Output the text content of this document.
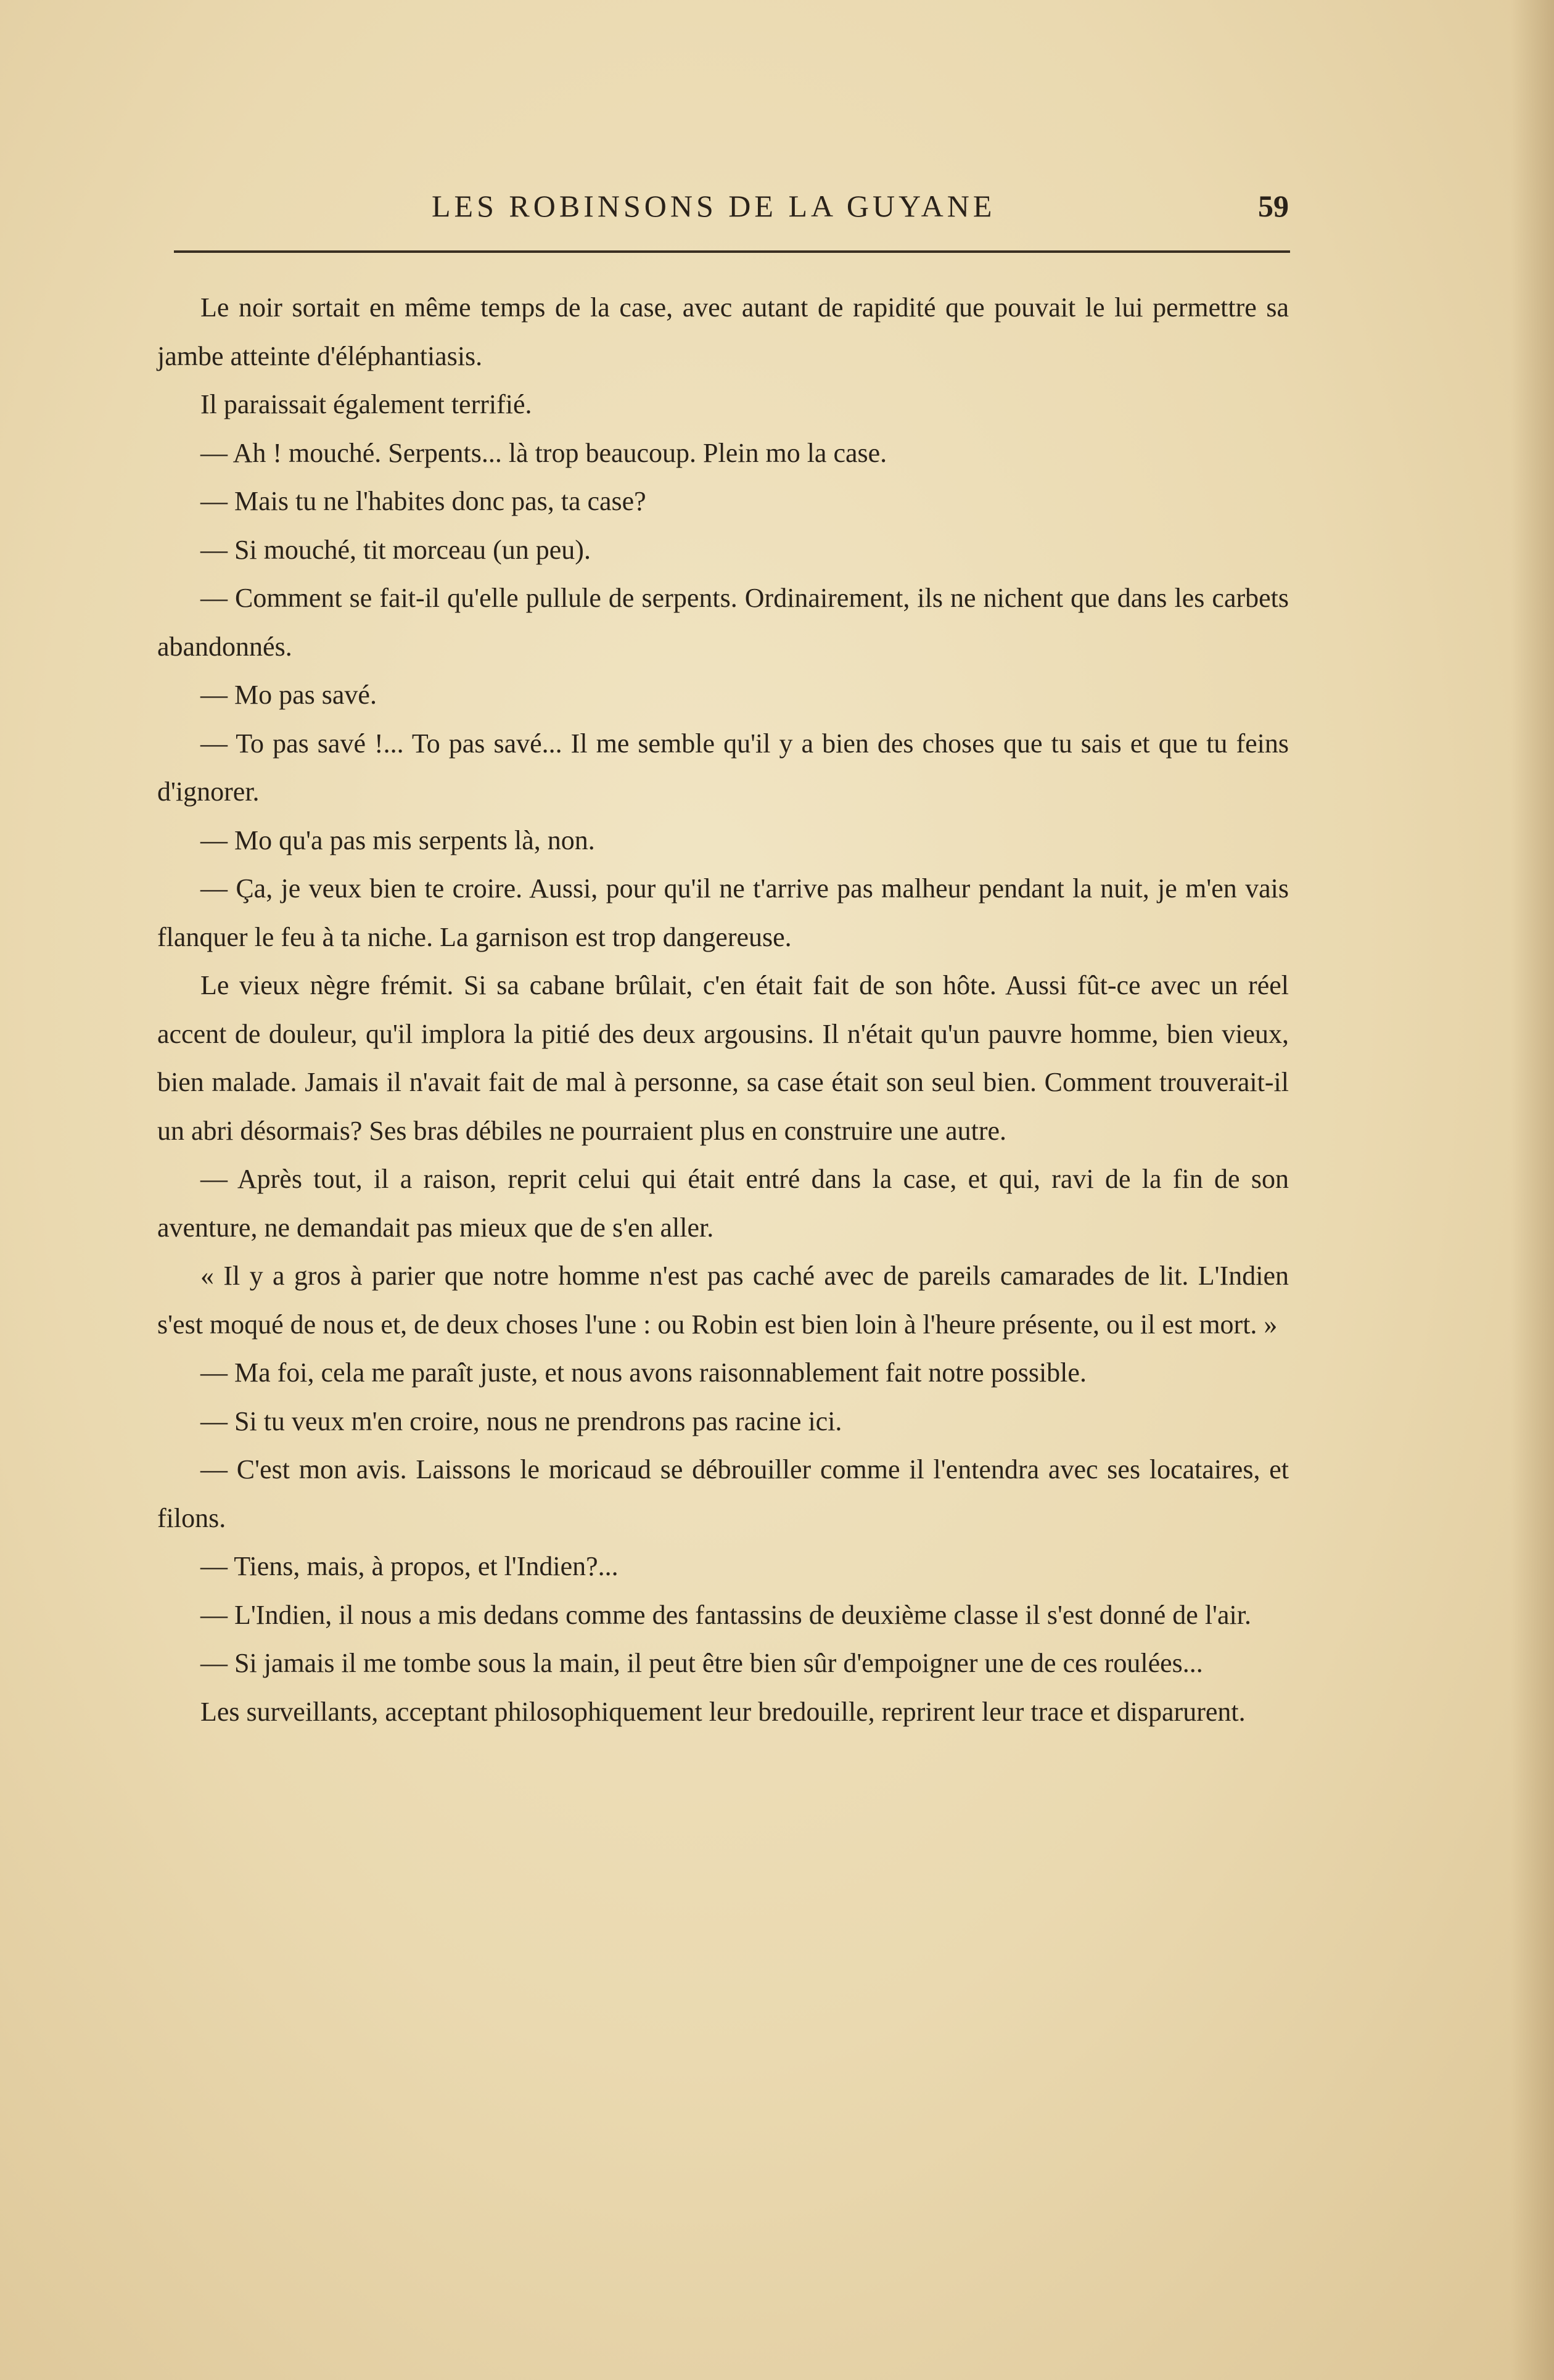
LES ROBINSONS DE LA GUYANE	59

Le noir sortait en même temps de la case, avec autant de rapidité que pouvait le lui permettre sa jambe atteinte d'éléphantiasis.

Il paraissait également terrifié.

— Ah ! mouché. Serpents... là trop beaucoup. Plein mo la case.

— Mais tu ne l'habites donc pas, ta case?

— Si mouché, tit morceau (un peu).

— Comment se fait-il qu'elle pullule de serpents. Ordinairement, ils ne nichent que dans les carbets abandonnés.

— Mo pas savé.

— To pas savé !... To pas savé... Il me semble qu'il y a bien des choses que tu sais et que tu feins d'ignorer.

— Mo qu'a pas mis serpents là, non.

— Ça, je veux bien te croire. Aussi, pour qu'il ne t'arrive pas malheur pendant la nuit, je m'en vais flanquer le feu à ta niche. La garnison est trop dangereuse.

Le vieux nègre frémit. Si sa cabane brûlait, c'en était fait de son hôte. Aussi fût-ce avec un réel accent de douleur, qu'il implora la pitié des deux argousins. Il n'était qu'un pauvre homme, bien vieux, bien malade. Jamais il n'avait fait de mal à personne, sa case était son seul bien. Comment trouverait-il un abri désormais? Ses bras débiles ne pourraient plus en construire une autre.

— Après tout, il a raison, reprit celui qui était entré dans la case, et qui, ravi de la fin de son aventure, ne demandait pas mieux que de s'en aller.

« Il y a gros à parier que notre homme n'est pas caché avec de pareils camarades de lit. L'Indien s'est moqué de nous et, de deux choses l'une : ou Robin est bien loin à l'heure présente, ou il est mort. »

— Ma foi, cela me paraît juste, et nous avons raisonnablement fait notre possible.

— Si tu veux m'en croire, nous ne prendrons pas racine ici.

— C'est mon avis. Laissons le moricaud se débrouiller comme il l'entendra avec ses locataires, et filons.

— Tiens, mais, à propos, et l'Indien?...

— L'Indien, il nous a mis dedans comme des fantassins de deuxième classe il s'est donné de l'air.

— Si jamais il me tombe sous la main, il peut être bien sûr d'empoigner une de ces roulées...

Les surveillants, acceptant philosophiquement leur bredouille, reprirent leur trace et disparurent.
